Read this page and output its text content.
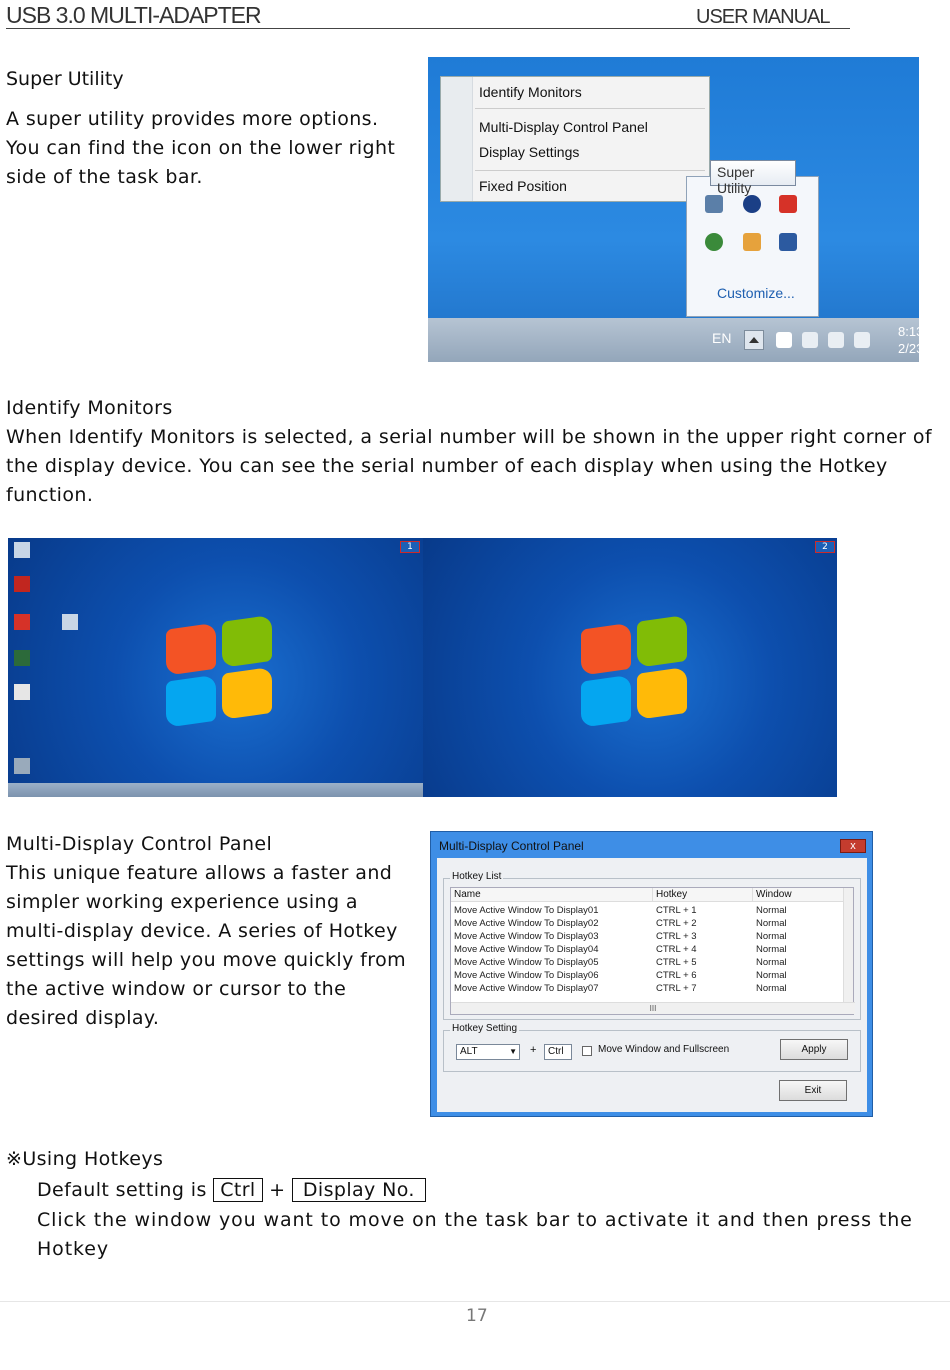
USB 3.0 MULTI-ADAPTER	USER MANUAL
Super Utility
A super utility provides more options.
You can find the icon on the lower right
side of the task bar.
Identify Monitors
Multi-Display Control Panel
Display Settings
Fixed Position
Customize...
Super Utility
EN	8:13
2/23
Identify Monitors
When Identify Monitors is selected, a serial number will be shown in the upper right corner of
the display device. You can see the serial number of each display when using the Hotkey
function.
1	2
Multi-Display Control Panel
This unique feature allows a faster and
simpler working experience using a
multi-display device. A series of Hotkey
settings will help you move quickly from
the active window or cursor to the
desired display.
Multi-Display Control Panel	x
Hotkey List
Name	Hotkey	Window
Move Active Window To Display01	CTRL + 1	Normal
Move Active Window To Display02	CTRL + 2	Normal
Move Active Window To Display03	CTRL + 3	Normal
Move Active Window To Display04	CTRL + 4	Normal
Move Active Window To Display05	CTRL + 5	Normal
Move Active Window To Display06	CTRL + 6	Normal
Move Active Window To Display07	CTRL + 7	Normal
III
Hotkey Setting
ALT	▼ +	Ctrl	Move Window and Fullscreen	Apply
Exit
※Using Hotkeys
Default setting is Ctrl + Display No.
Click the window you want to move on the task bar to activate it and then press the
Hotkey
17
